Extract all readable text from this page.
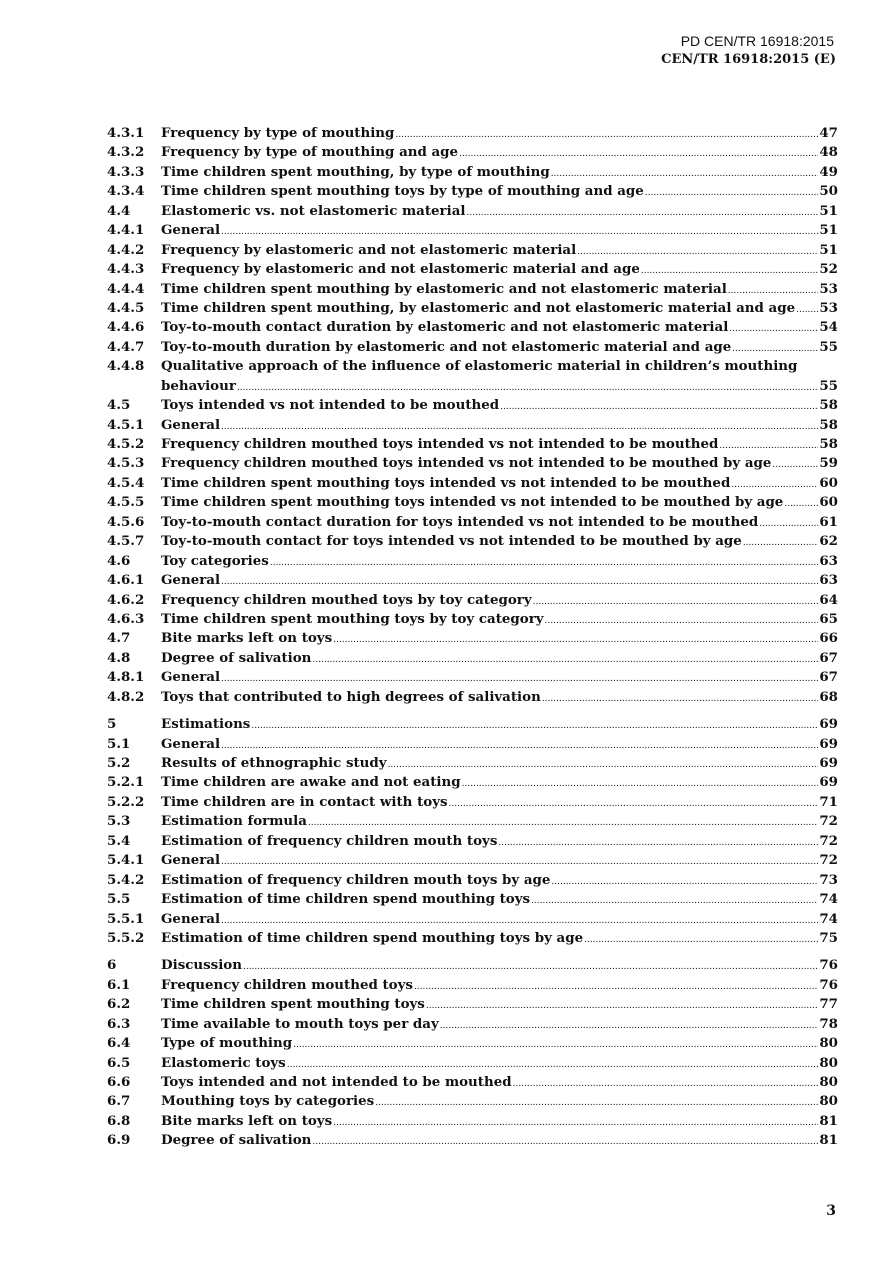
PD CEN/TR 16918:2015
CEN/TR 16918:2015 (E)
4.3.1	Frequency by type of mouthing .....	47
4.3.2	Frequency by type of mouthing and age .....	48
4.3.3	Time children spent mouthing, by type of mouthing .....	49
4.3.4	Time children spent mouthing toys by type of mouthing and age .....	50
4.4	Elastomeric vs. not elastomeric material .....	51
4.4.1	General .....	51
4.4.2	Frequency by elastomeric and not elastomeric material .....	51
4.4.3	Frequency by elastomeric and not elastomeric material and age .....	52
4.4.4	Time children spent mouthing by elastomeric and not elastomeric material .....	53
4.4.5	Time children spent mouthing, by elastomeric and not elastomeric material and age ..... 53
4.4.6	Toy-to-mouth contact duration by elastomeric and not elastomeric material .....	54
4.4.7	Toy-to-mouth duration by elastomeric and not elastomeric material and age .....	55
4.4.8	Qualitative approach of the influence of elastomeric material in children’s mouthing
behaviour .....	55
4.5	Toys intended vs not intended to be mouthed .....	58
4.5.1	General .....	58
4.5.2	Frequency children mouthed toys intended vs not intended to be mouthed .....	58
4.5.3	Frequency children mouthed toys intended vs not intended to be mouthed by age .....	59
4.5.4	Time children spent mouthing toys intended vs not intended to be mouthed .....	60
4.5.5	Time children spent mouthing toys intended vs not intended to be mouthed by age .....	60
4.5.6	Toy-to-mouth contact duration for toys intended vs not intended to be mouthed .....	61
4.5.7	Toy-to-mouth contact for toys intended vs not intended to be mouthed by age .....	62
4.6	Toy categories .....	63
4.6.1	General .....	63
4.6.2	Frequency children mouthed toys by toy category .....	64
4.6.3	Time children spent mouthing toys by toy category .....	65
4.7	Bite marks left on toys .....	66
4.8	Degree of salivation .....	67
4.8.1	General .....	67
4.8.2	Toys that contributed to high degrees of salivation .....	68
5	Estimations .....	69
5.1	General .....	69
5.2	Results of ethnographic study .....	69
5.2.1	Time children are awake and not eating .....	69
5.2.2	Time children are in contact with toys .....	71
5.3	Estimation formula .....	72
5.4	Estimation of frequency children mouth toys .....	72
5.4.1	General .....	72
5.4.2	Estimation of frequency children mouth toys by age .....	73
5.5	Estimation of time children spend mouthing toys .....	74
5.5.1	General .....	74
5.5.2	Estimation of time children spend mouthing toys by age .....	75
6	Discussion .....	76
6.1	Frequency children mouthed toys .....	76
6.2	Time children spent mouthing toys .....	77
6.3	Time available to mouth toys per day .....	78
6.4	Type of mouthing .....	80
6.5	Elastomeric toys .....	80
6.6	Toys intended and not intended to be mouthed .....	80
6.7	Mouthing toys by categories .....	80
6.8	Bite marks left on toys .....	81
6.9	Degree of salivation .....	81
3
